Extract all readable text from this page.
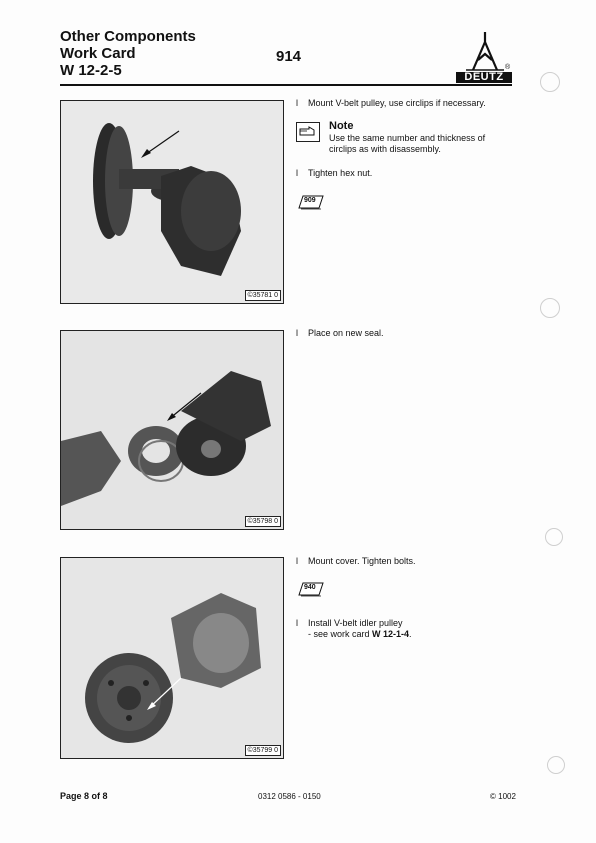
Other Components
Work Card
W 12-2-5
914
®
DEUTZ
©35781 0
l Mount V-belt pulley, use circlips if necessary.
Note
Use the same number and thickness of circlips as with disassembly.
l Tighten hex nut.
909
©35798 0
l Place on new seal.
©35799 0
l Mount cover. Tighten bolts.
940
l Install V-belt idler pulley
- see work card W 12-1-4.
Page 8 of 8	0312 0586 - 0150	© 1002
